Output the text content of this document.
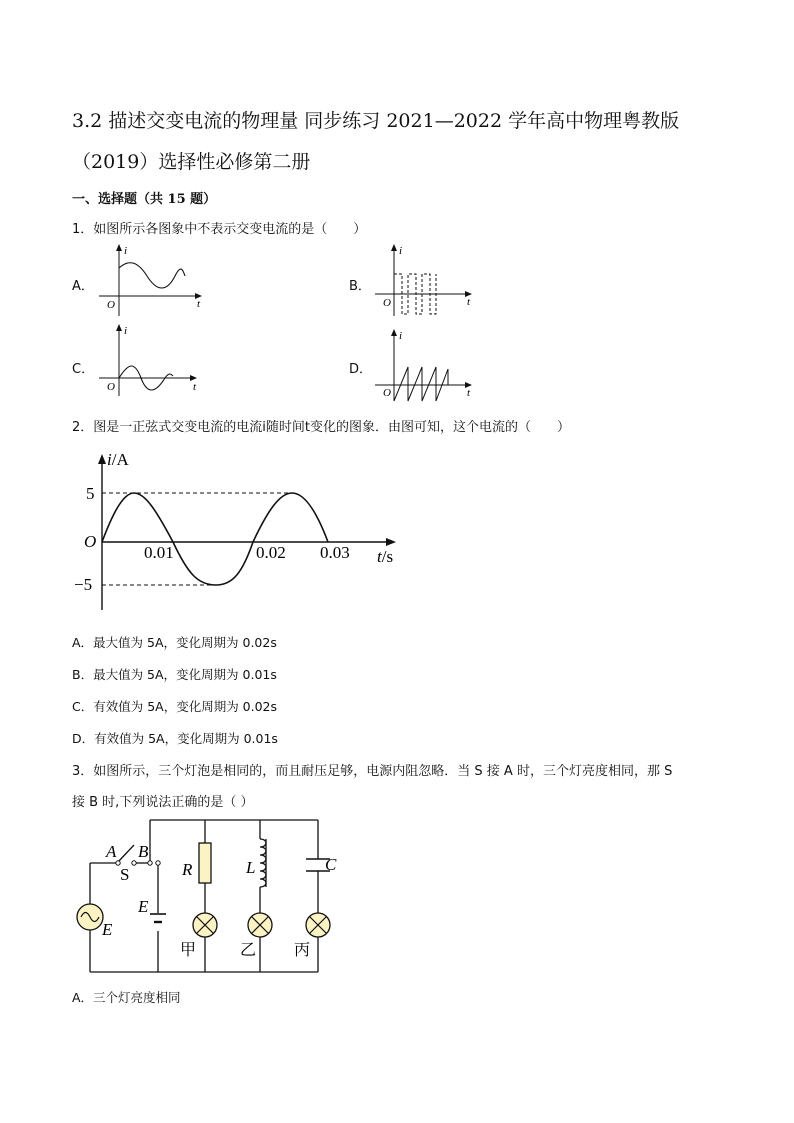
3.2 描述交变电流的物理量 同步练习 2021—2022 学年高中物理粤教版
（2019）选择性必修第二册
一、选择题（共 15 题）
1．如图所示各图象中不表示交变电流的是（　　）
A．
i
t
O
B．
i
t
O
C．
i
t
O
D．
i
t
O
2．图是一正弦式交变电流的电流i随时间t变化的图象．由图可知，这个电流的（　　）
i/A
5
−5
O
0.01	0.02 0.03 t/s
A．最大值为 5A，变化周期为 0.02s
B．最大值为 5A，变化周期为 0.01s
C．有效值为 5A，变化周期为 0.02s
D．有效值为 5A，变化周期为 0.01s
3．如图所示，三个灯泡是相同的，而且耐压足够，电源内阻忽略．当 S 接 A 时，三个灯亮度相同，那 S
接 B 时,下列说法正确的是（ ）
A B
S
E
E
R	L	C
甲	乙 丙
A．三个灯亮度相同
